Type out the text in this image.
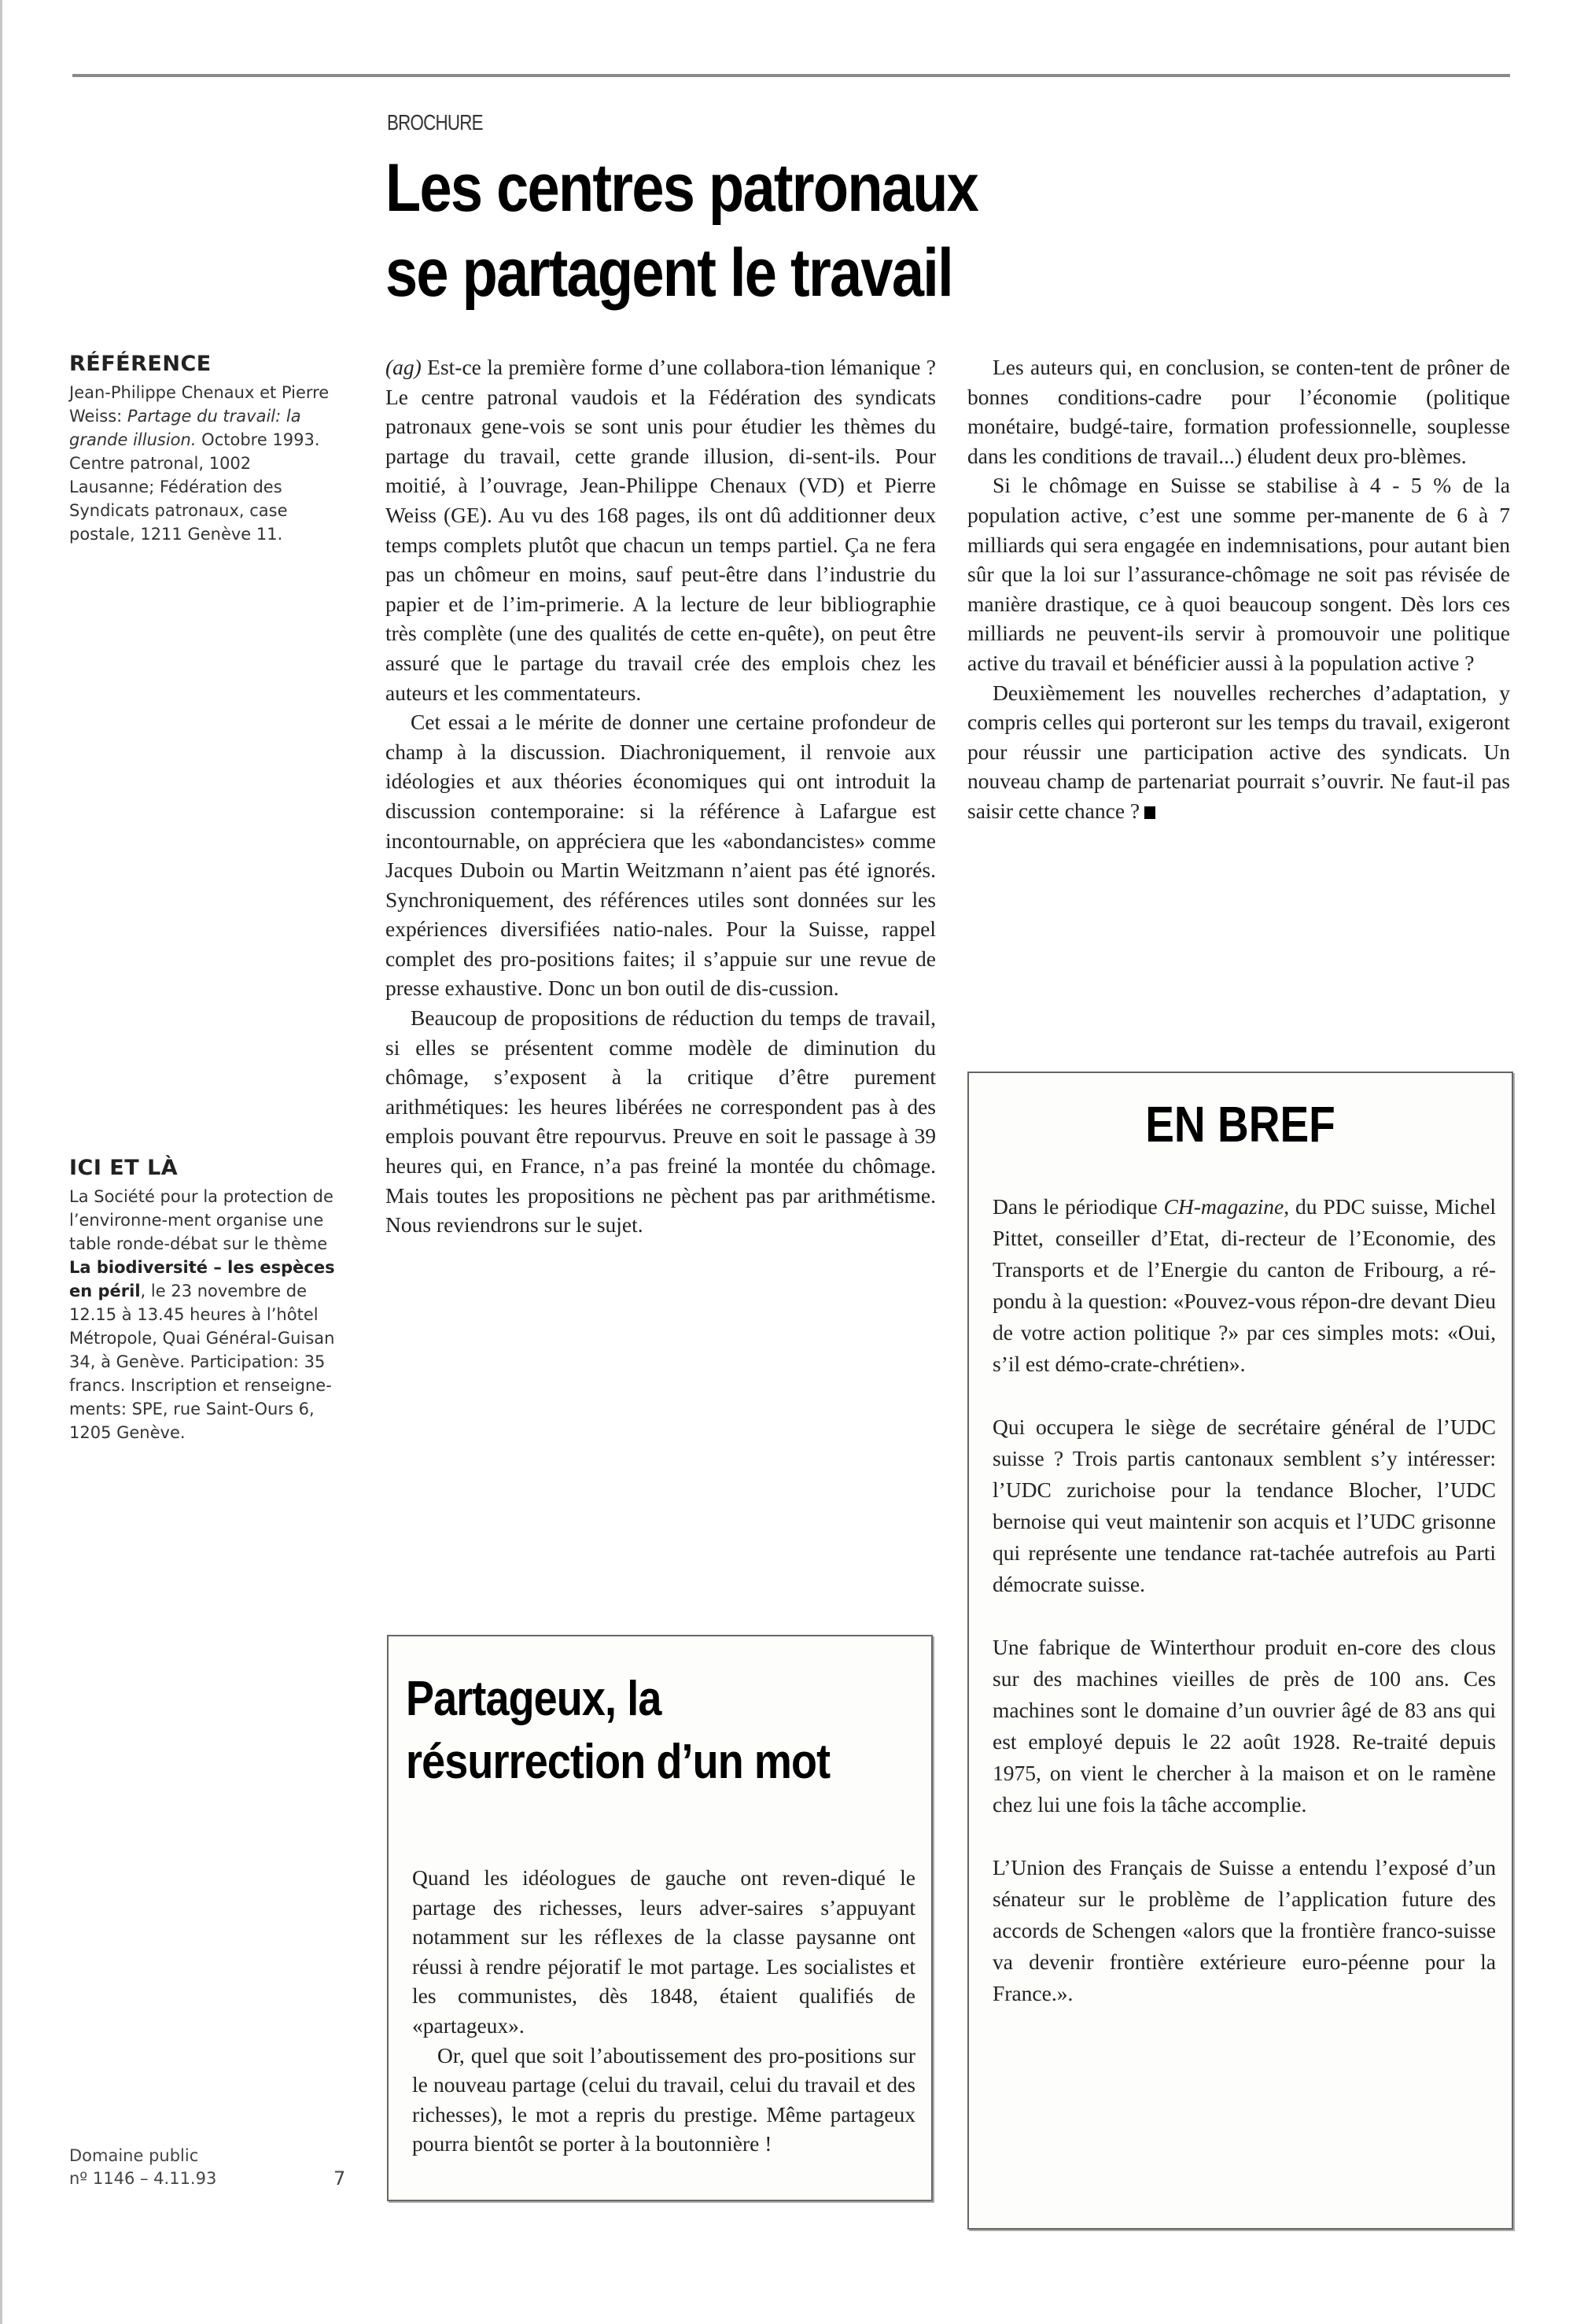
BROCHURE
Les centres patronaux
se partagent le travail
RÉFÉRENCE

Jean-Philippe Chenaux et Pierre Weiss: Partage du travail: la grande illusion. Octobre 1993. Centre patronal, 1002 Lausanne; Fédération des Syndicats patronaux, case postale, 1211 Genève 11.

ICI ET LÀ

La Société pour la protection de l’environne-ment organise une table ronde-débat sur le thème La biodiversité – les espèces en péril, le 23 novembre de 12.15 à 13.45 heures à l’hôtel Métropole, Quai Général-Guisan 34, à Genève. Participation: 35 francs. Inscription et renseigne-ments: SPE, rue Saint-Ours 6, 1205 Genève.

Domaine public
nº 1146 – 4.11.93	7

(ag) Est-ce la première forme d’une collabora-tion lémanique ? Le centre patronal vaudois et la Fédération des syndicats patronaux gene-vois se sont unis pour étudier les thèmes du partage du travail, cette grande illusion, di-sent-ils. Pour moitié, à l’ouvrage, Jean-Philippe Chenaux (VD) et Pierre Weiss (GE). Au vu des 168 pages, ils ont dû additionner deux temps complets plutôt que chacun un temps partiel. Ça ne fera pas un chômeur en moins, sauf peut-être dans l’industrie du papier et de l’im-primerie. A la lecture de leur bibliographie très complète (une des qualités de cette en-quête), on peut être assuré que le partage du travail crée des emplois chez les auteurs et les commentateurs.

Cet essai a le mérite de donner une certaine profondeur de champ à la discussion. Diachroniquement, il renvoie aux idéologies et aux théories économiques qui ont introduit la discussion contemporaine: si la référence à Lafargue est incontournable, on appréciera que les «abondancistes» comme Jacques Duboin ou Martin Weitzmann n’aient pas été ignorés. Synchroniquement, des références utiles sont données sur les expériences diversifiées natio-nales. Pour la Suisse, rappel complet des pro-positions faites; il s’appuie sur une revue de presse exhaustive. Donc un bon outil de dis-cussion.

Beaucoup de propositions de réduction du temps de travail, si elles se présentent comme modèle de diminution du chômage, s’exposent à la critique d’être purement arithmétiques: les heures libérées ne correspondent pas à des emplois pouvant être repourvus. Preuve en soit le passage à 39 heures qui, en France, n’a pas freiné la montée du chômage. Mais toutes les propositions ne pèchent pas par arithmétisme. Nous reviendrons sur le sujet.

Les auteurs qui, en conclusion, se conten-tent de prôner de bonnes conditions-cadre pour l’économie (politique monétaire, budgé-taire, formation professionnelle, souplesse dans les conditions de travail...) éludent deux pro-blèmes.

Si le chômage en Suisse se stabilise à 4 - 5 % de la population active, c’est une somme per-manente de 6 à 7 milliards qui sera engagée en indemnisations, pour autant bien sûr que la loi sur l’assurance-chômage ne soit pas révisée de manière drastique, ce à quoi beaucoup songent. Dès lors ces milliards ne peuvent-ils servir à promouvoir une politique active du travail et bénéficier aussi à la population active ?

Deuxièmement les nouvelles recherches d’adaptation, y compris celles qui porteront sur les temps du travail, exigeront pour réussir une participation active des syndicats. Un nouveau champ de partenariat pourrait s’ouvrir. Ne faut-il pas saisir cette chance ?

Partageux, la
résurrection d’un mot

Quand les idéologues de gauche ont reven-diqué le partage des richesses, leurs adver-saires s’appuyant notamment sur les réflexes de la classe paysanne ont réussi à rendre péjoratif le mot partage. Les socialistes et les communistes, dès 1848, étaient qualifiés de «partageux».

Or, quel que soit l’aboutissement des pro-positions sur le nouveau partage (celui du travail, celui du travail et des richesses), le mot a repris du prestige. Même partageux pourra bientôt se porter à la boutonnière !

EN BREF

Dans le périodique CH-magazine, du PDC suisse, Michel Pittet, conseiller d’Etat, di-recteur de l’Economie, des Transports et de l’Energie du canton de Fribourg, a ré-pondu à la question: «Pouvez-vous répon-dre devant Dieu de votre action politique ?» par ces simples mots: «Oui, s’il est démo-crate-chrétien».

Qui occupera le siège de secrétaire général de l’UDC suisse ? Trois partis cantonaux semblent s’y intéresser: l’UDC zurichoise pour la tendance Blocher, l’UDC bernoise qui veut maintenir son acquis et l’UDC grisonne qui représente une tendance rat-tachée autrefois au Parti démocrate suisse.

Une fabrique de Winterthour produit en-core des clous sur des machines vieilles de près de 100 ans. Ces machines sont le domaine d’un ouvrier âgé de 83 ans qui est employé depuis le 22 août 1928. Re-traité depuis 1975, on vient le chercher à la maison et on le ramène chez lui une fois la tâche accomplie.

L’Union des Français de Suisse a entendu l’exposé d’un sénateur sur le problème de l’application future des accords de Schengen «alors que la frontière franco-suisse va devenir frontière extérieure euro-péenne pour la France.».
